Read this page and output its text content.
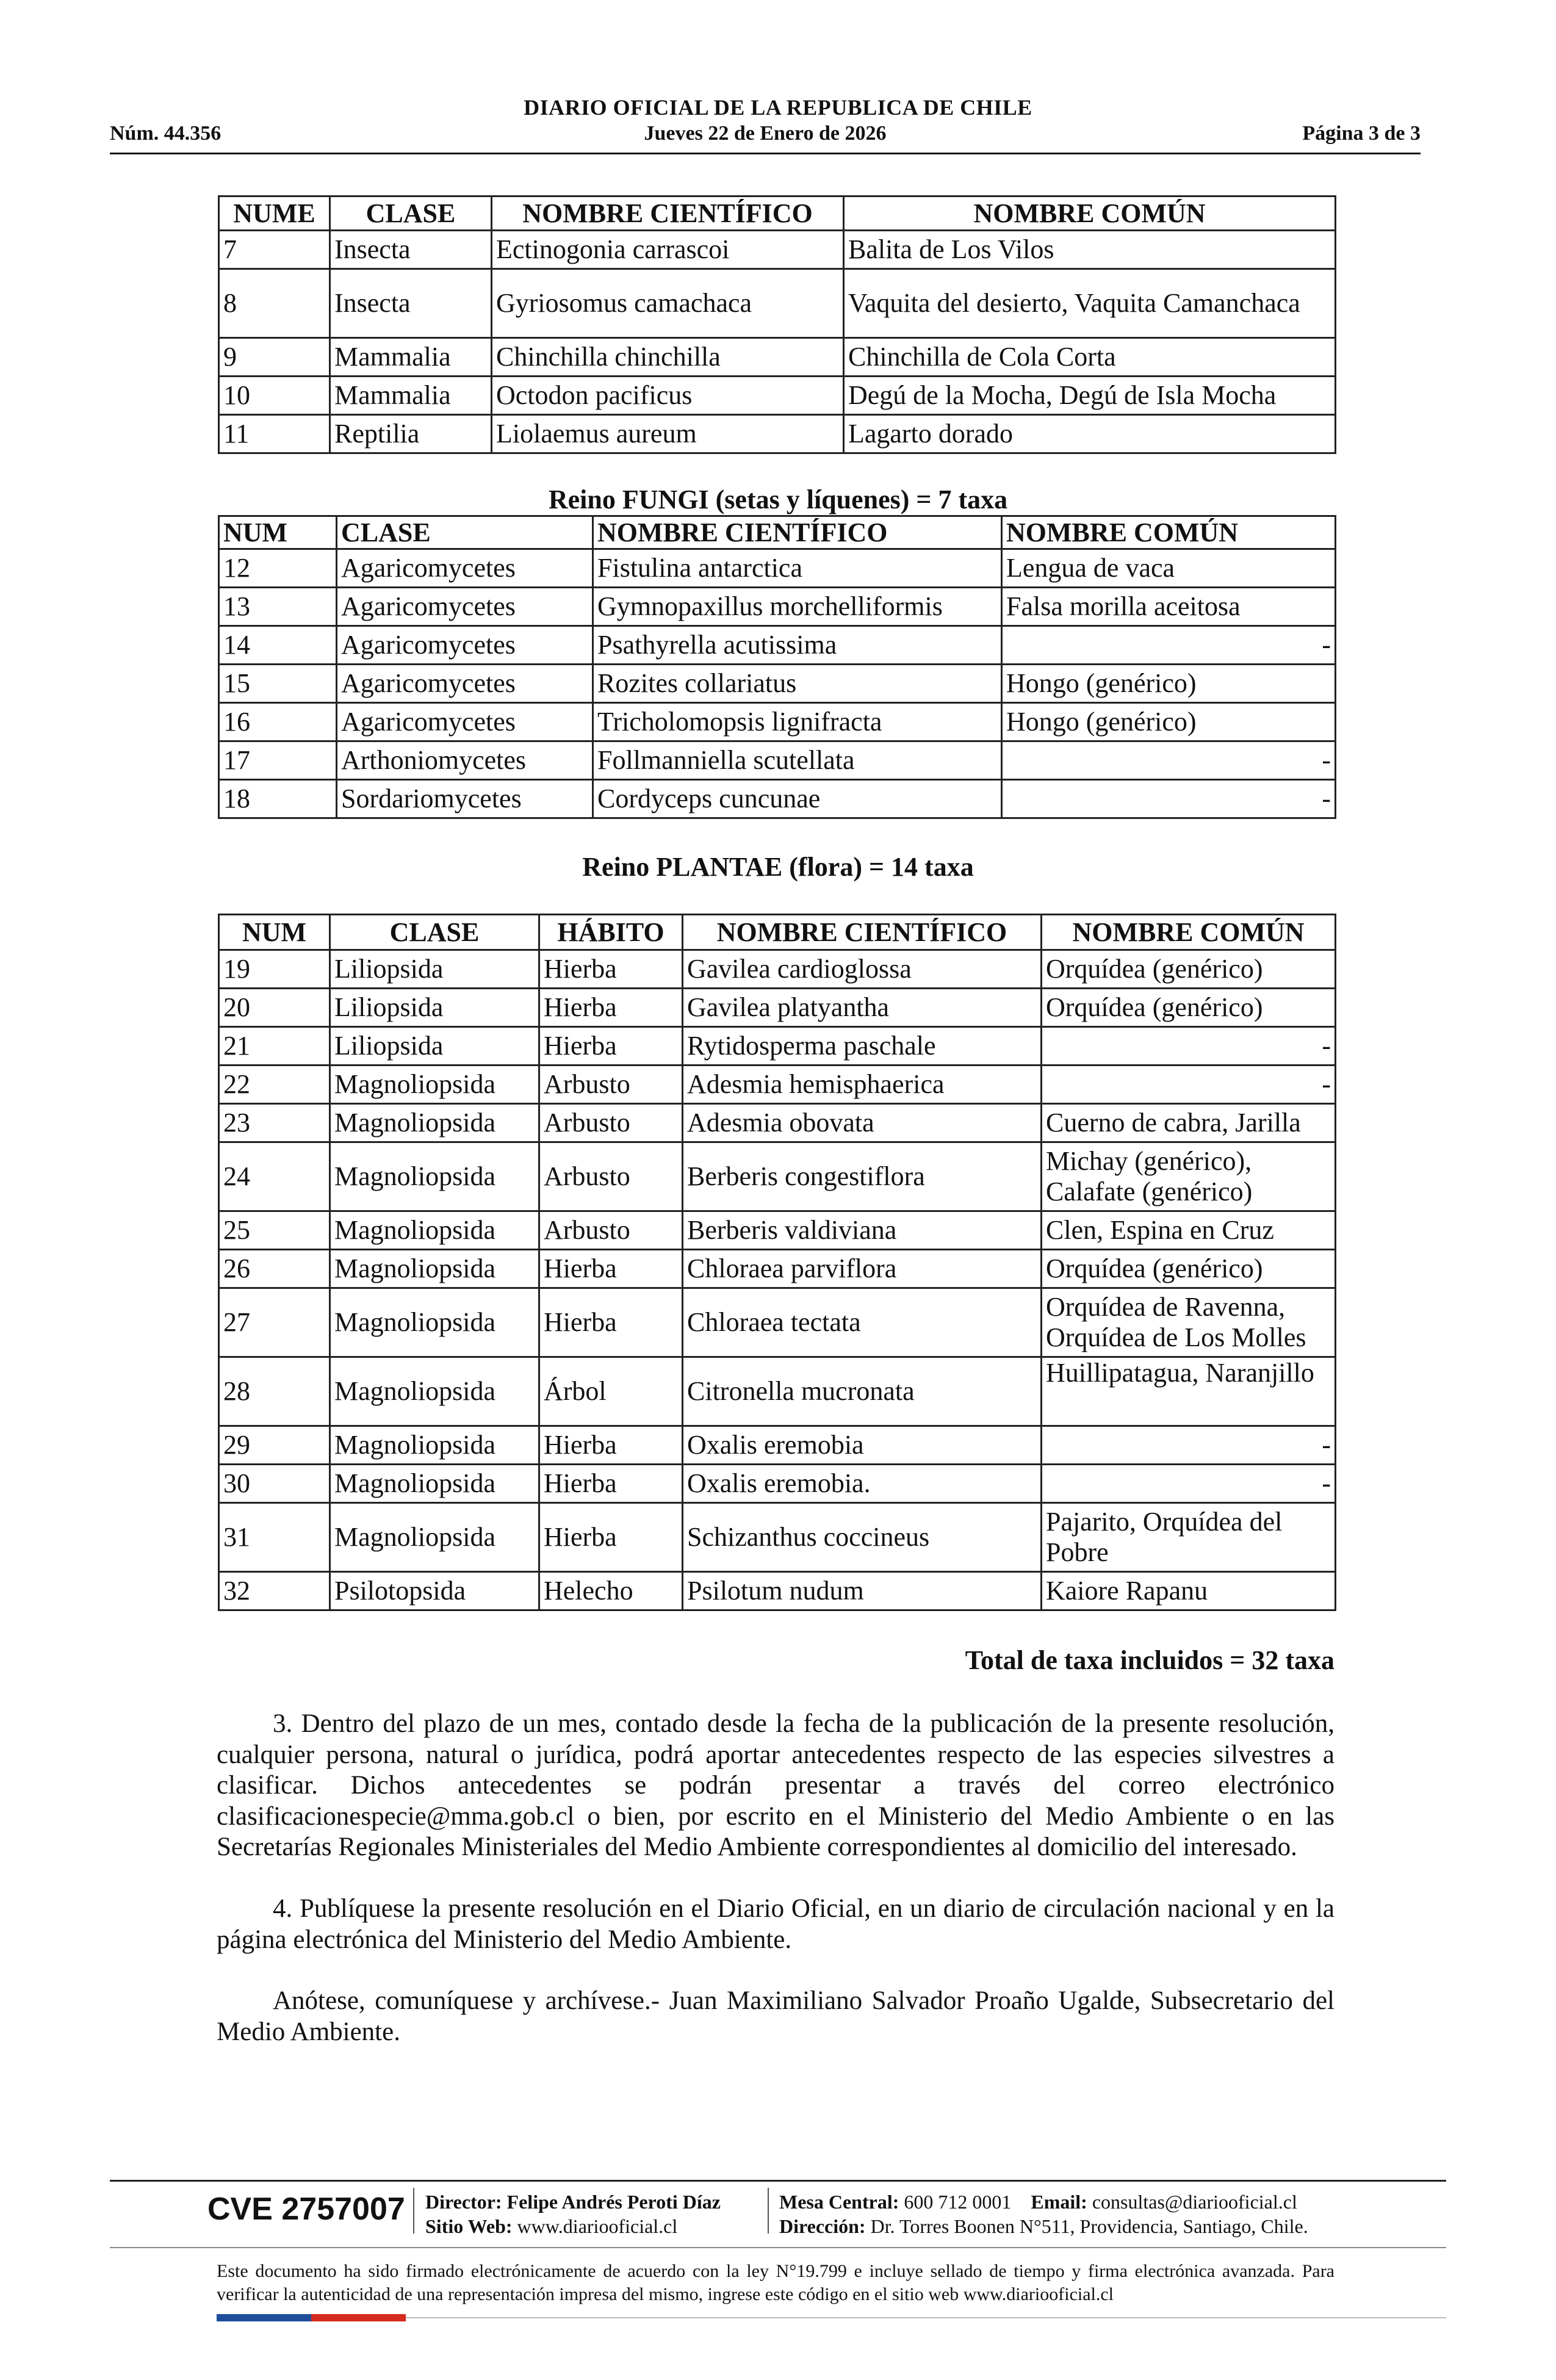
DIARIO OFICIAL DE LA REPUBLICA DE CHILE
Núm. 44.356	Jueves 22 de Enero de 2026	Página 3 de 3
NUME	CLASE	NOMBRE CIENTÍFICO	NOMBRE COMÚN
7	Insecta	Ectinogonia carrascoi	Balita de Los Vilos
8	Insecta	Gyriosomus camachaca	Vaquita del desierto, Vaquita Camanchaca
9	Mammalia	Chinchilla chinchilla	Chinchilla de Cola Corta
10	Mammalia	Octodon pacificus	Degú de la Mocha, Degú de Isla Mocha
11	Reptilia	Liolaemus aureum	Lagarto dorado
Reino FUNGI (setas y líquenes) = 7 taxa
NUM	CLASE	NOMBRE CIENTÍFICO	NOMBRE COMÚN
12	Agaricomycetes	Fistulina antarctica	Lengua de vaca
13	Agaricomycetes	Gymnopaxillus morchelliformis	Falsa morilla aceitosa
14	Agaricomycetes	Psathyrella acutissima	-
15	Agaricomycetes	Rozites collariatus	Hongo (genérico)
16	Agaricomycetes	Tricholomopsis lignifracta	Hongo (genérico)
17	Arthoniomycetes	Follmanniella scutellata	-
18	Sordariomycetes	Cordyceps cuncunae	-
Reino PLANTAE (flora) = 14 taxa
NUM	CLASE	HÁBITO	NOMBRE CIENTÍFICO	NOMBRE COMÚN
19	Liliopsida	Hierba	Gavilea cardioglossa	Orquídea (genérico)
20	Liliopsida	Hierba	Gavilea platyantha	Orquídea (genérico)
21	Liliopsida	Hierba	Rytidosperma paschale	-
22	Magnoliopsida	Arbusto	Adesmia hemisphaerica	-
23	Magnoliopsida	Arbusto	Adesmia obovata	Cuerno de cabra, Jarilla
24	Magnoliopsida	Arbusto	Berberis congestiflora	Michay (genérico), Calafate (genérico)
25	Magnoliopsida	Arbusto	Berberis valdiviana	Clen, Espina en Cruz
26	Magnoliopsida	Hierba	Chloraea parviflora	Orquídea (genérico)
27	Magnoliopsida	Hierba	Chloraea tectata	Orquídea de Ravenna, Orquídea de Los Molles
28	Magnoliopsida	Árbol	Citronella mucronata	Huillipatagua, Naranjillo
29	Magnoliopsida	Hierba	Oxalis eremobia	-
30	Magnoliopsida	Hierba	Oxalis eremobia.	-
31	Magnoliopsida	Hierba	Schizanthus coccineus	Pajarito, Orquídea del Pobre
32	Psilotopsida	Helecho	Psilotum nudum	Kaiore Rapanu
Total de taxa incluidos = 32 taxa
3. Dentro del plazo de un mes, contado desde la fecha de la publicación de la presente resolución, cualquier persona, natural o jurídica, podrá aportar antecedentes respecto de las especies silvestres a clasificar. Dichos antecedentes se podrán presentar a través del correo electrónico clasificacionespecie@mma.gob.cl o bien, por escrito en el Ministerio del Medio Ambiente o en las Secretarías Regionales Ministeriales del Medio Ambiente correspondientes al domicilio del interesado.
4. Publíquese la presente resolución en el Diario Oficial, en un diario de circulación nacional y en la página electrónica del Ministerio del Medio Ambiente.
Anótese, comuníquese y archívese.- Juan Maximiliano Salvador Proaño Ugalde, Subsecretario del Medio Ambiente.
CVE 2757007 Director: Felipe Andrés Peroti Díaz
Sitio Web: www.diariooficial.cl
Mesa Central: 600 712 0001 Email: consultas@diariooficial.cl
Dirección: Dr. Torres Boonen N°511, Providencia, Santiago, Chile.
Este documento ha sido firmado electrónicamente de acuerdo con la ley N°19.799 e incluye sellado de tiempo y firma electrónica avanzada. Para verificar la autenticidad de una representación impresa del mismo, ingrese este código en el sitio web www.diariooficial.cl
